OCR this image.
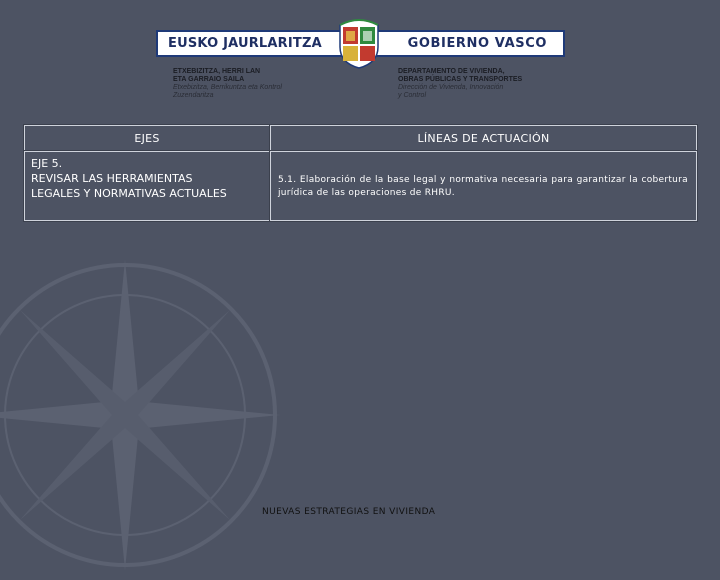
EUSKO JAURLARITZA	GOBIERNO VASCO
ETXEBIZITZA, HERRI LAN
ETA GARRAIO SAILA
Etxebizitza, Berrikuntza eta Kontrol
Zuzendaritza
DEPARTAMENTO DE VIVIENDA,
OBRAS PÚBLICAS Y TRANSPORTES
Dirección de Vivienda, Innovación
y Control
EJES	LÍNEAS DE ACTUACIÓN
EJE 5.
REVISAR LAS HERRAMIENTAS
LEGALES Y NORMATIVAS ACTUALES
5.1. Elaboración de la base legal y normativa necesaria para garantizar la cobertura jurídica de las operaciones de RHRU.
NUEVAS ESTRATEGIAS EN VIVIENDA
